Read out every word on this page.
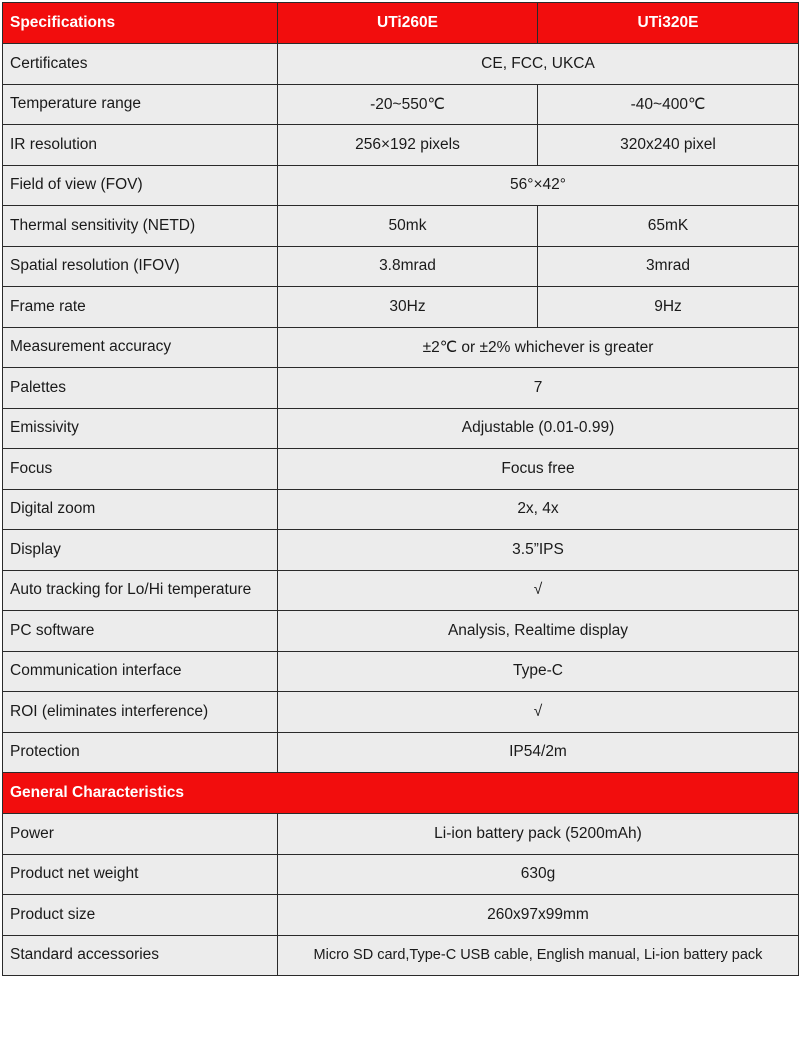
Specifications	UTi260E	UTi320E
Certificates	CE, FCC, UKCA	
Temperature range	-20~550℃	-40~400℃
IR resolution	256×192 pixels	320x240 pixel
Field of view (FOV)	56°×42°	
Thermal sensitivity (NETD)	50mk	65mK
Spatial resolution (IFOV)	3.8mrad	3mrad
Frame rate	30Hz	9Hz
Measurement accuracy	±2℃ or ±2% whichever is greater	
Palettes	7	
Emissivity	Adjustable (0.01-0.99)	
Focus	Focus free	
Digital zoom	2x, 4x	
Display	3.5”IPS	
Auto tracking for Lo/Hi temperature	√	
PC software	Analysis, Realtime display	
Communication interface	Type-C	
ROI (eliminates interference)	√	
Protection	IP54/2m	
General Characteristics		
Power	Li-ion battery pack (5200mAh)	
Product net weight	630g	
Product size	260x97x99mm	
Standard accessories	Micro SD card,Type-C USB cable, English manual, Li-ion battery pack	
